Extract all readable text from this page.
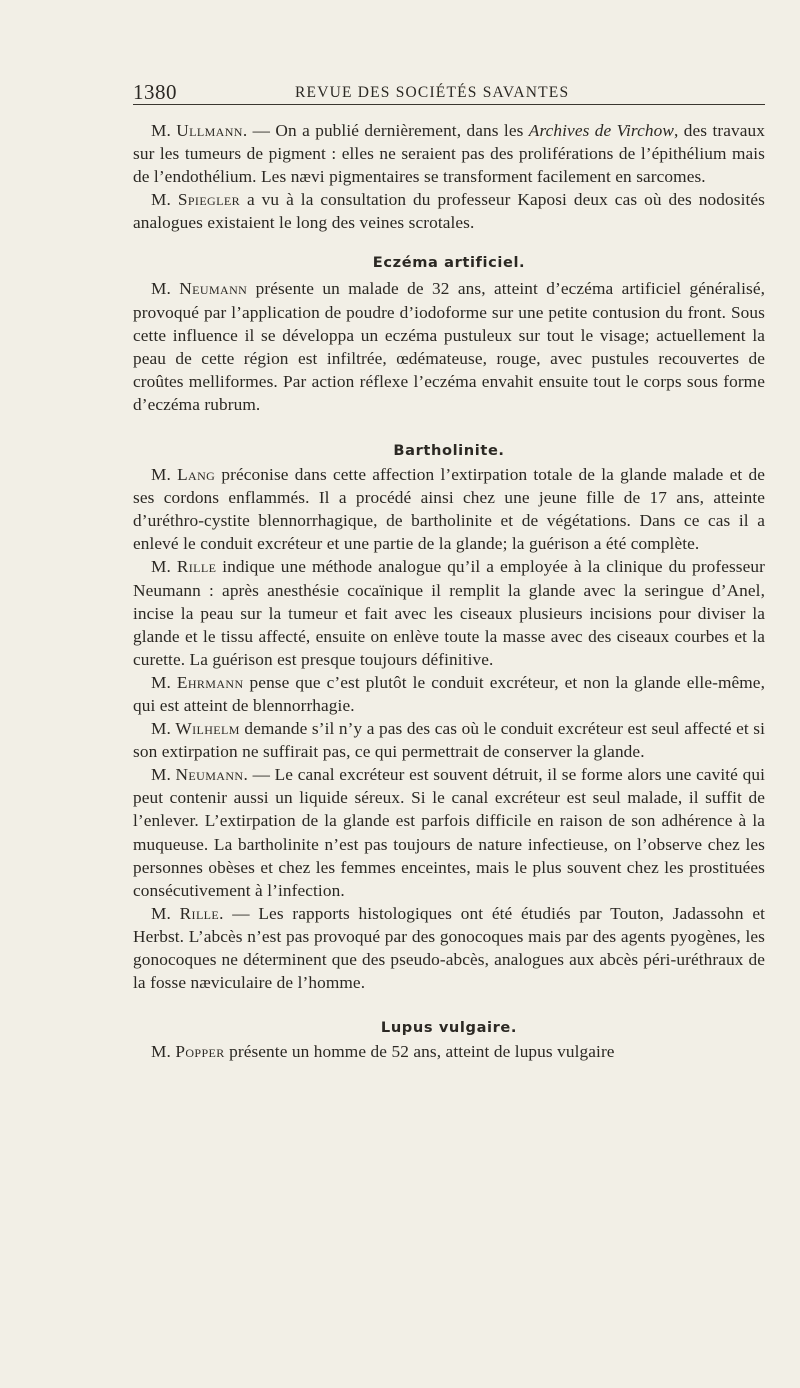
1380	REVUE DES SOCIÉTÉS SAVANTES

M. Ullmann. — On a publié dernièrement, dans les Archives de Virchow, des travaux sur les tumeurs de pigment : elles ne seraient pas des proliférations de l’épithélium mais de l’endothélium. Les nævi pigmentaires se transforment facilement en sarcomes.

M. Spiegler a vu à la consultation du professeur Kaposi deux cas où des nodosités analogues existaient le long des veines scrotales.

Eczéma artificiel.

M. Neumann présente un malade de 32 ans, atteint d’eczéma artificiel généralisé, provoqué par l’application de poudre d’iodoforme sur une petite contusion du front. Sous cette influence il se développa un eczéma pustuleux sur tout le visage; actuellement la peau de cette région est infiltrée, œdémateuse, rouge, avec pustules recouvertes de croûtes melliformes. Par action réflexe l’eczéma envahit ensuite tout le corps sous forme d’eczéma rubrum.

Bartholinite.

M. Lang préconise dans cette affection l’extirpation totale de la glande malade et de ses cordons enflammés. Il a procédé ainsi chez une jeune fille de 17 ans, atteinte d’uréthro-cystite blennorrhagique, de bartholinite et de végétations. Dans ce cas il a enlevé le conduit excréteur et une partie de la glande; la guérison a été complète.

M. Rille indique une méthode analogue qu’il a employée à la clinique du professeur Neumann : après anesthésie cocaïnique il remplit la glande avec la seringue d’Anel, incise la peau sur la tumeur et fait avec les ciseaux plusieurs incisions pour diviser la glande et le tissu affecté, ensuite on enlève toute la masse avec des ciseaux courbes et la curette. La guérison est presque toujours définitive.

M. Ehrmann pense que c’est plutôt le conduit excréteur, et non la glande elle-même, qui est atteint de blennorrhagie.

M. Wilhelm demande s’il n’y a pas des cas où le conduit excréteur est seul affecté et si son extirpation ne suffirait pas, ce qui permettrait de conserver la glande.

M. Neumann. — Le canal excréteur est souvent détruit, il se forme alors une cavité qui peut contenir aussi un liquide séreux. Si le canal excréteur est seul malade, il suffit de l’enlever. L’extirpation de la glande est parfois difficile en raison de son adhérence à la muqueuse. La bartholinite n’est pas toujours de nature infectieuse, on l’observe chez les personnes obèses et chez les femmes enceintes, mais le plus souvent chez les prostituées consécutivement à l’infection.

M. Rille. — Les rapports histologiques ont été étudiés par Touton, Jadassohn et Herbst. L’abcès n’est pas provoqué par des gonocoques mais par des agents pyogènes, les gonocoques ne déterminent que des pseudo-abcès, analogues aux abcès péri-uréthraux de la fosse næviculaire de l’homme.

Lupus vulgaire.

M. Popper présente un homme de 52 ans, atteint de lupus vulgaire
